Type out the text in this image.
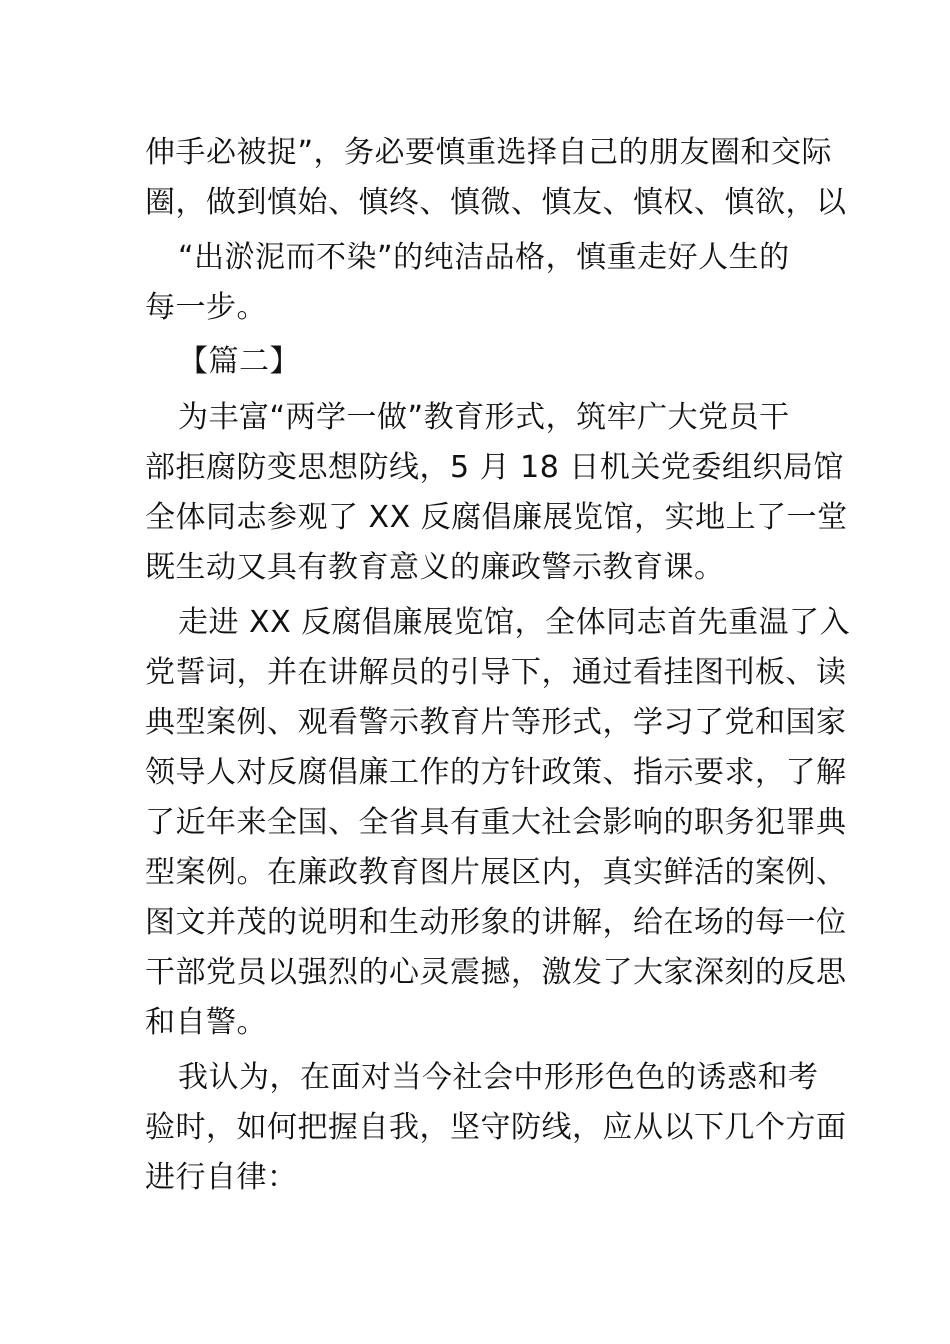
伸手必被捉”，务必要慎重选择自己的朋友圈和交际
圈，做到慎始、慎终、慎微、慎友、慎权、慎欲，以
“出淤泥而不染”的纯洁品格，慎重走好人生的
每一步。
【篇二】
为丰富“两学一做”教育形式，筑牢广大党员干
部拒腐防变思想防线，5 月 18 日机关党委组织局馆
全体同志参观了 XX 反腐倡廉展览馆，实地上了一堂
既生动又具有教育意义的廉政警示教育课。
走进 XX 反腐倡廉展览馆，全体同志首先重温了入
党誓词，并在讲解员的引导下，通过看挂图刊板、读
典型案例、观看警示教育片等形式，学习了党和国家
领导人对反腐倡廉工作的方针政策、指示要求，了解
了近年来全国、全省具有重大社会影响的职务犯罪典
型案例。在廉政教育图片展区内，真实鲜活的案例、
图文并茂的说明和生动形象的讲解，给在场的每一位
干部党员以强烈的心灵震撼，激发了大家深刻的反思
和自警。
我认为，在面对当今社会中形形色色的诱惑和考
验时，如何把握自我，坚守防线，应从以下几个方面
进行自律：
